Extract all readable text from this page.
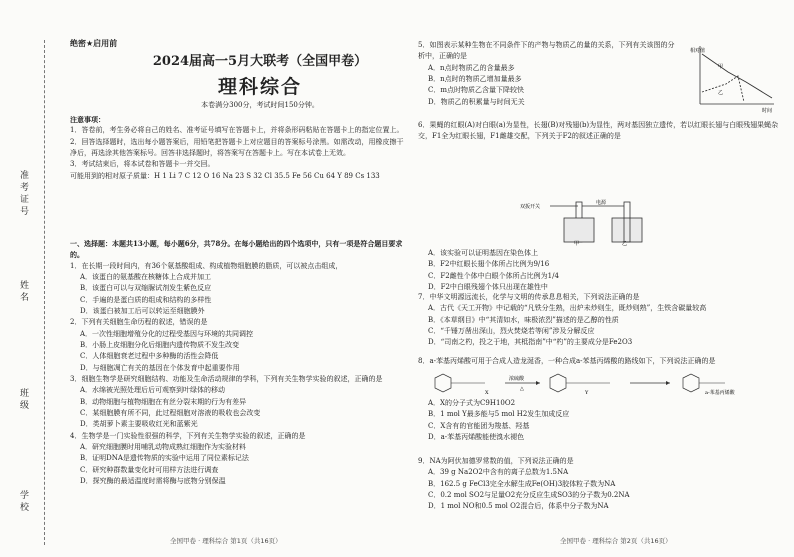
准考证号
姓名
班级
学校
绝密★启用前
2024届高一5月大联考（全国甲卷）
理科综合
本卷满分300分，考试时间150分钟。

注意事项：

1．答卷前，考生务必将自己的姓名、准考证号填写在答题卡上，并将条形码粘贴在答题卡上的指定位置上。

2．回答选择题时，选出每小题答案后，用铅笔把答题卡上对应题目的答案标号涂黑。如需改动，用橡皮擦干净后，再选涂其他答案标号。回答非选择题时，将答案写在答题卡上。写在本试卷上无效。

3．考试结束后，将本试卷和答题卡一并交回。

可能用到的相对原子质量：H 1 Li 7 C 12 O 16 Na 23 S 32 Cl 35.5 Fe 56 Cu 64 Y 89 Cs 133

一、选择题：本题共13小题，每小题6分，共78分。在每小题给出的四个选项中，只有一项是符合题目要求的。

1．在长期一段时间内，有36个氨基酸组成、构成植物细胞膜的脂质，可以被点击组成，

A．该蛋白的氨基酸在核糖体上合成并加工

B．该蛋白可以与双缩脲试剂发生紫色反应

C．手遍的是蛋白质的组成和结构的多样性

D．该蛋白被加工后可以转运至细胞膜外

2．下列有关细胞生命历程的叙述，错误的是

A．一次性细胞增殖分化的过程受基因与环境的共同调控

B．小肠上皮细胞分化后细胞内遗传物质不发生改变

C．人体细胞衰老过程中多种酶的活性会降低

D．与细胞凋亡有关的基因在个体发育中起重要作用

3．细胞生物学是研究细胞结构、功能及生命活动规律的学科，下列有关生物学实验的叙述，正确的是

A．水绵被光照处理后后可观察到叶绿体的移动

B．动物细胞与植物细胞在有丝分裂末期的行为有差异

C．某细胞膜有所不同，此过程细胞对溶液的吸收也会改变

D．类胡萝卜素主要吸收红光和蓝紫光

4．生物学是一门实验性很强的科学，下列有关生物学实验的叙述，正确的是

A．研究细胞膜时用哺乳动物成熟红细胞作为实验材料

B．证明DNA是遗传物质的实验中运用了同位素标记法

C．研究种群数量变化时可用样方法进行调查

D．探究酶的最适温度时需将酶与底物分别保温

5．如图表示某种生物在不同条件下的产物与物质乙的量的关系，下列有关该图的分析中，正确的是

A．n点时物质乙的含量最多

B．n点时的物质乙增加量最多

C．m点时物质乙含量下降较快

D．物质乙的积累量与时间无关

相对值
时间
甲
乙

6．果蝇的红眼(A)对白眼(a)为显性，长翅(B)对残翅(b)为显性，两对基因独立遗传，若以红眼长翅与白眼残翅果蝇杂交，F1全为红眼长翅，F1雌雄交配，下列关于F2的叙述正确的是

双扳开关
电源
甲	乙

A．该实验可以证明基因在染色体上

B．F2中红眼长翅个体所占比例为9/16

C．F2雌性个体中白眼个体所占比例为1/4

D．F2中白眼残翅个体只出现在雄性中

7．中华文明源远流长，化学与文明的传承息息相关，下列说法正确的是

A．古代《天工开物》中记载的“凡铁分生熟，出炉未炒则生，既炒则熟”，生铁含碳量较高

B．《本草纲目》中“其清如水，味极浓烈”描述的是乙醇的性质

C．“千锤万凿出深山，烈火焚烧若等闲”涉及分解反应

D．“司南之杓，投之于地，其柢指南”中“杓”的主要成分是Fe2O3

8．a-苯基丙烯酸可用于合成人造龙涎香，一种合成a-苯基丙烯酸的路线如下，下列说法正确的是

浓硫酸
△
X	Y	a-苯基丙烯酸

A．X的分子式为C9H10O2

B．1 mol Y最多能与5 mol H2发生加成反应

C．X含有的官能团为羧基、羟基

D．a-苯基丙烯酸能使溴水褪色

9．NA为阿伏加德罗常数的值，下列说法正确的是

A．39 g Na2O2中含有的离子总数为1.5NA

B．162.5 g FeCl3完全水解生成Fe(OH)3胶体粒子数为NA

C．0.2 mol SO2与足量O2充分反应生成SO3的分子数为0.2NA

D．1 mol NO和0.5 mol O2混合后，体系中分子数为NA

全国甲卷 · 理科综合 第1页（共16页）	全国甲卷 · 理科综合 第2页（共16页）
